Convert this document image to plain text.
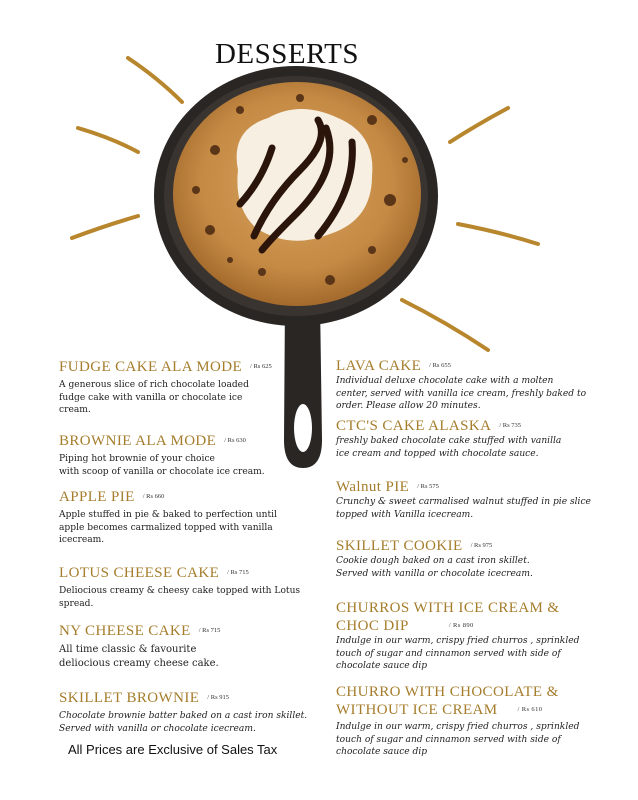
DESSERTS
FUDGE CAKE ALA MODE / Rs 625
A generous slice of rich chocolate loaded
fudge cake with vanilla or chocolate ice
cream.
BROWNIE ALA MODE / Rs 630
Piping hot brownie of your choice
with scoop of vanilla or chocolate ice cream.
APPLE PIE / Rs 660
Apple stuffed in pie & baked to perfection until
apple becomes carmalized topped with vanilla
icecream.
LOTUS CHEESE CAKE / Rs 715
Deliocious creamy & cheesy cake topped with Lotus spread.
NY CHEESE CAKE / Rs 715
All time classic & favourite
deliocious creamy cheese cake.
SKILLET BROWNIE / Rs 915
Chocolate brownie batter baked on a cast iron skillet.
Served with vanilla or chocolate icecream.
LAVA CAKE / Rs 655
Individual deluxe chocolate cake with a molten
center, served with vanilla ice cream, freshly baked to
order. Please allow 20 minutes.
CTC'S CAKE ALASKA / Rs 735
freshly baked chocolate cake stuffed with vanilla
ice cream and topped with chocolate sauce.
Walnut PIE / Rs 575
Crunchy & sweet carmalised walnut stuffed in pie slice
topped with Vanilla icecream.
SKILLET COOKIE / Rs 975
Cookie dough baked on a cast iron skillet.
Served with vanilla or chocolate icecream.
CHURROS WITH ICE CREAM &
CHOC DIP	$^{/ Rs 890}$
Indulge in our warm, crispy fried churros , sprinkled
touch of sugar and cinnamon served with side of
chocolate sauce dip
CHURRO WITH CHOCOLATE &
WITHOUT ICE CREAM	$^{/ Rs 610}$
Indulge in our warm, crispy fried churros , sprinkled
touch of sugar and cinnamon served with side of
chocolate sauce dip
All Prices are Exclusive of Sales Tax
